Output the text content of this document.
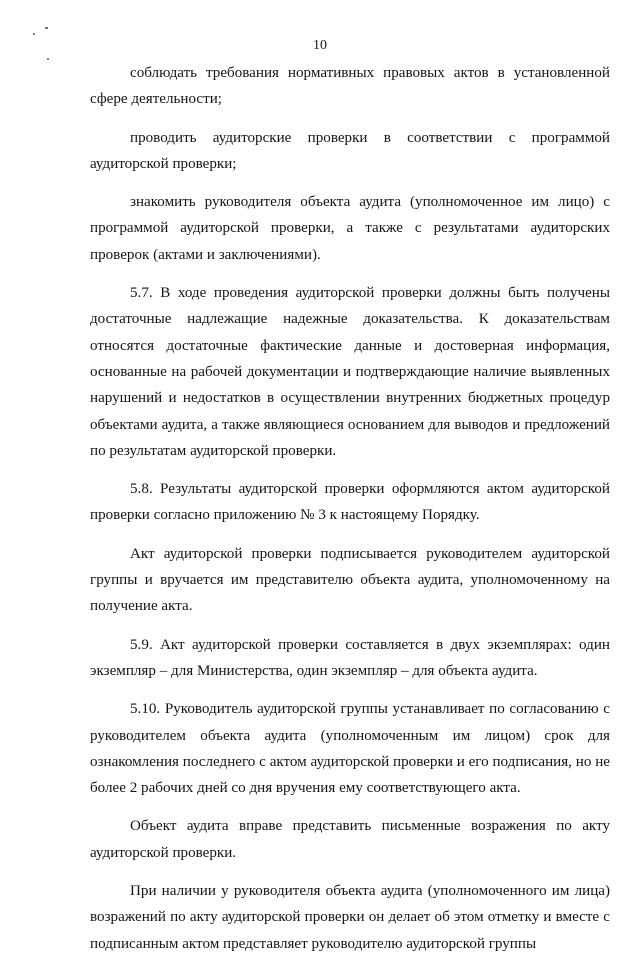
10

соблюдать требования нормативных правовых актов в установленной сфере деятельности;

проводить аудиторские проверки в соответствии с программой аудиторской проверки;

знакомить руководителя объекта аудита (уполномоченное им лицо) с программой аудиторской проверки, а также с результатами аудиторских проверок (актами и заключениями).

5.7. В ходе проведения аудиторской проверки должны быть получены достаточные надлежащие надежные доказательства. К доказательствам относятся достаточные фактические данные и достоверная информация, основанные на рабочей документации и подтверждающие наличие выявленных нарушений и недостатков в осуществлении внутренних бюджетных процедур объектами аудита, а также являющиеся основанием для выводов и предложений по результатам аудиторской проверки.

5.8. Результаты аудиторской проверки оформляются актом аудиторской проверки согласно приложению № 3 к настоящему Порядку.

Акт аудиторской проверки подписывается руководителем аудиторской группы и вручается им представителю объекта аудита, уполномоченному на получение акта.

5.9. Акт аудиторской проверки составляется в двух экземплярах: один экземпляр – для Министерства, один экземпляр – для объекта аудита.

5.10. Руководитель аудиторской группы устанавливает по согласованию с руководителем объекта аудита (уполномоченным им лицом) срок для ознакомления последнего с актом аудиторской проверки и его подписания, но не более 2 рабочих дней со дня вручения ему соответствующего акта.

Объект аудита вправе представить письменные возражения по акту аудиторской проверки.

При наличии у руководителя объекта аудита (уполномоченного им лица) возражений по акту аудиторской проверки он делает об этом отметку и вместе с подписанным актом представляет руководителю аудиторской группы
